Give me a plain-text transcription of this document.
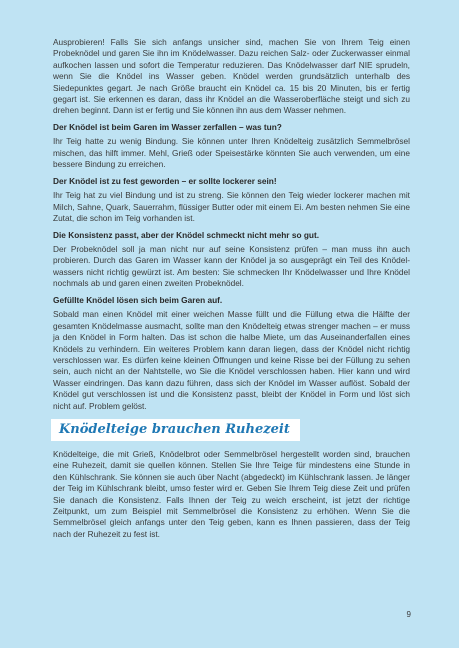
Ausprobieren! Falls Sie sich anfangs unsicher sind, machen Sie von Ihrem Teig einen Probeknödel und garen Sie ihn im Knödelwasser. Dazu reichen Salz- oder Zuckerwasser einmal aufkochen lassen und sofort die Temperatur reduzieren. Das Knödelwasser darf NIE sprudeln, wenn Sie die Knödel ins Wasser geben. Knödel werden grundsätzlich unterhalb des Siedepunktes gegart. Je nach Größe braucht ein Knödel ca. 15 bis 20 Minuten, bis er fertig gegart ist. Sie erkennen es daran, dass ihr Knödel an die Wasseroberfläche steigt und sich zu drehen beginnt. Dann ist er fertig und Sie können ihn aus dem Wasser nehmen.

Der Knödel ist beim Garen im Wasser zerfallen – was tun?

Ihr Teig hatte zu wenig Bindung. Sie können unter Ihren Knödelteig zusätzlich Semmelbrösel mischen, das hilft immer. Mehl, Grieß oder Speisestärke könnten Sie auch verwenden, um eine bessere Bindung zu erreichen.

Der Knödel ist zu fest geworden – er sollte lockerer sein!

Ihr Teig hat zu viel Bindung und ist zu streng. Sie können den Teig wieder lockerer machen mit Milch, Sahne, Quark, Sauerrahm, flüssiger Butter oder mit einem Ei. Am besten nehmen Sie eine Zutat, die schon im Teig vorhanden ist.

Die Konsistenz passt, aber der Knödel schmeckt nicht mehr so gut.

Der Probeknödel soll ja man nicht nur auf seine Konsistenz prüfen – man muss ihn auch probieren. Durch das Garen im Wasser kann der Knödel ja so ausgeprägt ein Teil des Knödel-wassers nicht richtig gewürzt ist. Am besten: Sie schmecken Ihr Knödelwasser und Ihre Knödel nochmals ab und garen einen zweiten Probeknödel.

Gefüllte Knödel lösen sich beim Garen auf.

Sobald man einen Knödel mit einer weichen Masse füllt und die Füllung etwa die Hälfte der gesamten Knödelmasse ausmacht, sollte man den Knödelteig etwas strenger machen – er muss ja den Knödel in Form halten. Das ist schon die halbe Miete, um das Auseinanderfallen eines Knödels zu verhindern. Ein weiteres Problem kann daran liegen, dass der Knödel nicht richtig verschlossen war. Es dürfen keine kleinen Öffnungen und keine Risse bei der Füllung zu sehen sein, auch nicht an der Nahtstelle, wo Sie die Knödel verschlossen haben. Hier kann und wird Wasser eindringen. Das kann dazu führen, dass sich der Knödel im Wasser auflöst. Sobald der Knödel gut verschlossen ist und die Konsistenz passt, bleibt der Knödel in Form und löst sich nicht auf. Problem gelöst.

Knödelteige brauchen Ruhezeit

Knödelteige, die mit Grieß, Knödelbrot oder Semmelbrösel hergestellt worden sind, brauchen eine Ruhezeit, damit sie quellen können. Stellen Sie Ihre Teige für mindestens eine Stunde in den Kühlschrank. Sie können sie auch über Nacht (abgedeckt) im Kühlschrank lassen. Je länger der Teig im Kühlschrank bleibt, umso fester wird er. Geben Sie Ihrem Teig diese Zeit und prüfen Sie danach die Konsistenz. Falls Ihnen der Teig zu weich erscheint, ist jetzt der richtige Zeitpunkt, um zum Beispiel mit Semmelbrösel die Konsistenz zu erhöhen. Wenn Sie die Semmelbrösel gleich anfangs unter den Teig geben, kann es Ihnen passieren, dass der Teig nach der Ruhezeit zu fest ist.

9
